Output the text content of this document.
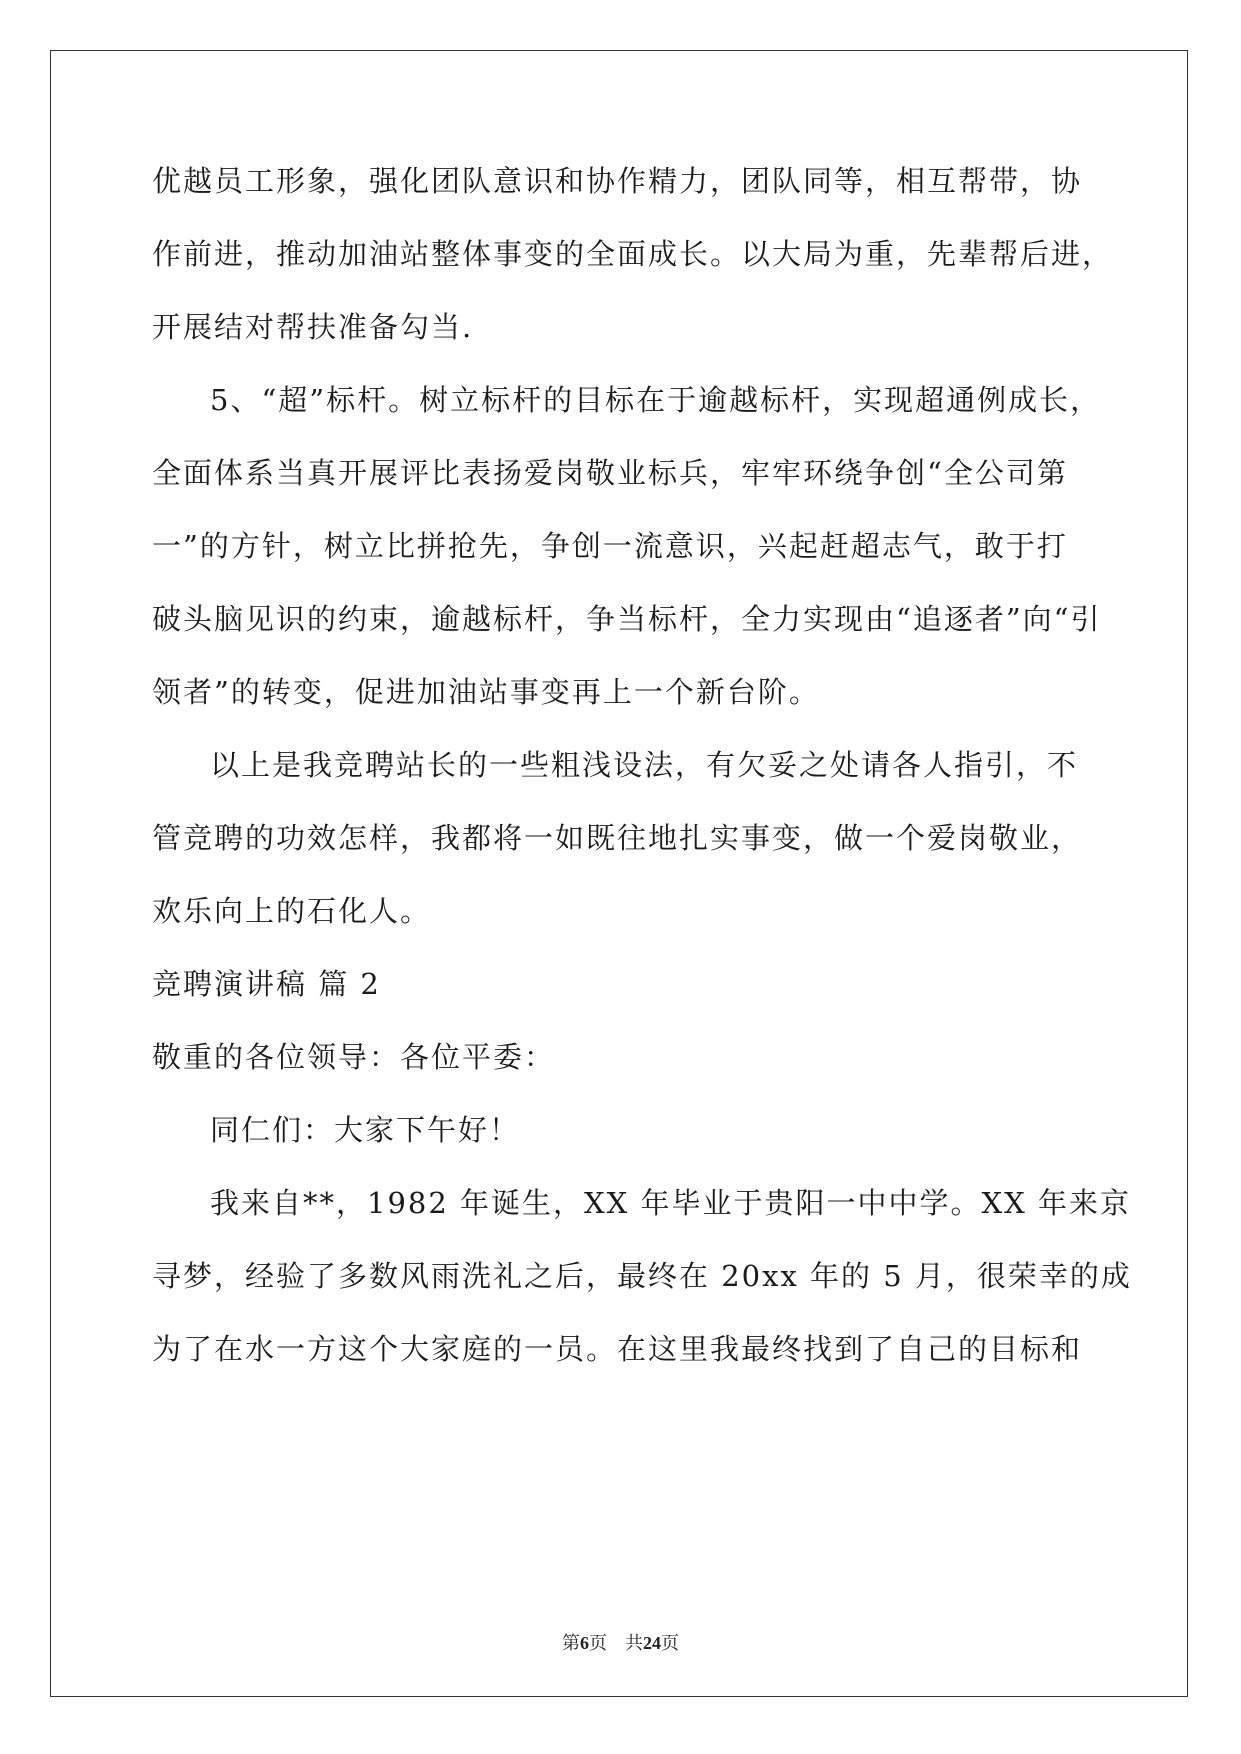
优越员工形象，强化团队意识和协作精力，团队同等，相互帮带，协
作前进，推动加油站整体事变的全面成长。以大局为重，先辈帮后进，
开展结对帮扶准备勾当.
5、“超”标杆。树立标杆的目标在于逾越标杆，实现超通例成长，
全面体系当真开展评比表扬爱岗敬业标兵，牢牢环绕争创“全公司第
一”的方针，树立比拼抢先，争创一流意识，兴起赶超志气，敢于打
破头脑见识的约束，逾越标杆，争当标杆，全力实现由“追逐者”向“引
领者”的转变，促进加油站事变再上一个新台阶。
以上是我竞聘站长的一些粗浅设法，有欠妥之处请各人指引，不
管竞聘的功效怎样，我都将一如既往地扎实事变，做一个爱岗敬业，
欢乐向上的石化人。
竞聘演讲稿 篇 2
敬重的各位领导：各位平委：
同仁们：大家下午好！
我来自**，1982 年诞生，XX 年毕业于贵阳一中中学。XX 年来京
寻梦，经验了多数风雨洗礼之后，最终在 20xx 年的 5 月，很荣幸的成
为了在水一方这个大家庭的一员。在这里我最终找到了自己的目标和
第6页 共24页
